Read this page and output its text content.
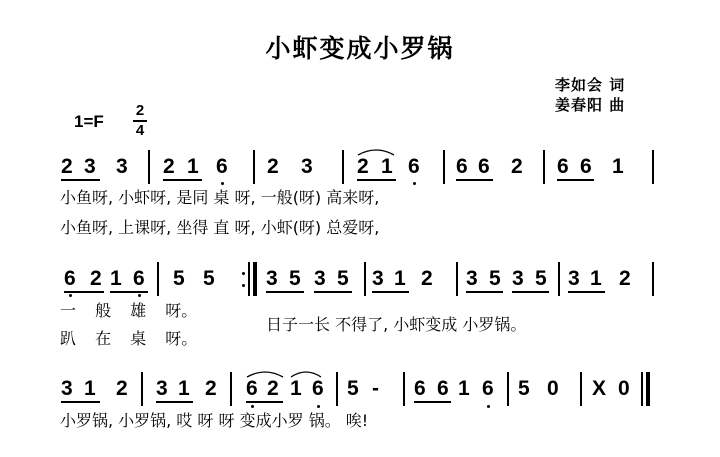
小虾变成小罗锅
李如会 词
姜春阳 曲
1=F
2
4
2 3 3 2 1 6 2 3 2 1 6 6 6 2 6 6 1
小鱼呀, 小虾呀, 是同 桌 呀, 一般(呀) 高来呀,
小鱼呀, 上课呀, 坐得 直 呀, 小虾(呀) 总爱呀,
6 2 1 6 5 5 3 5 3 5 3 1 2 3 5 3 5 3 1 2
一 般 雄 呀。
趴 在 桌 呀。
日子一长 不得了, 小虾变成 小罗锅。
3 1 2 3 1 2 6 2 1 6 5 - 6 6 1 6 5 0 X 0
小罗锅, 小罗锅, 哎 呀 呀 变成小罗 锅。 唉!
